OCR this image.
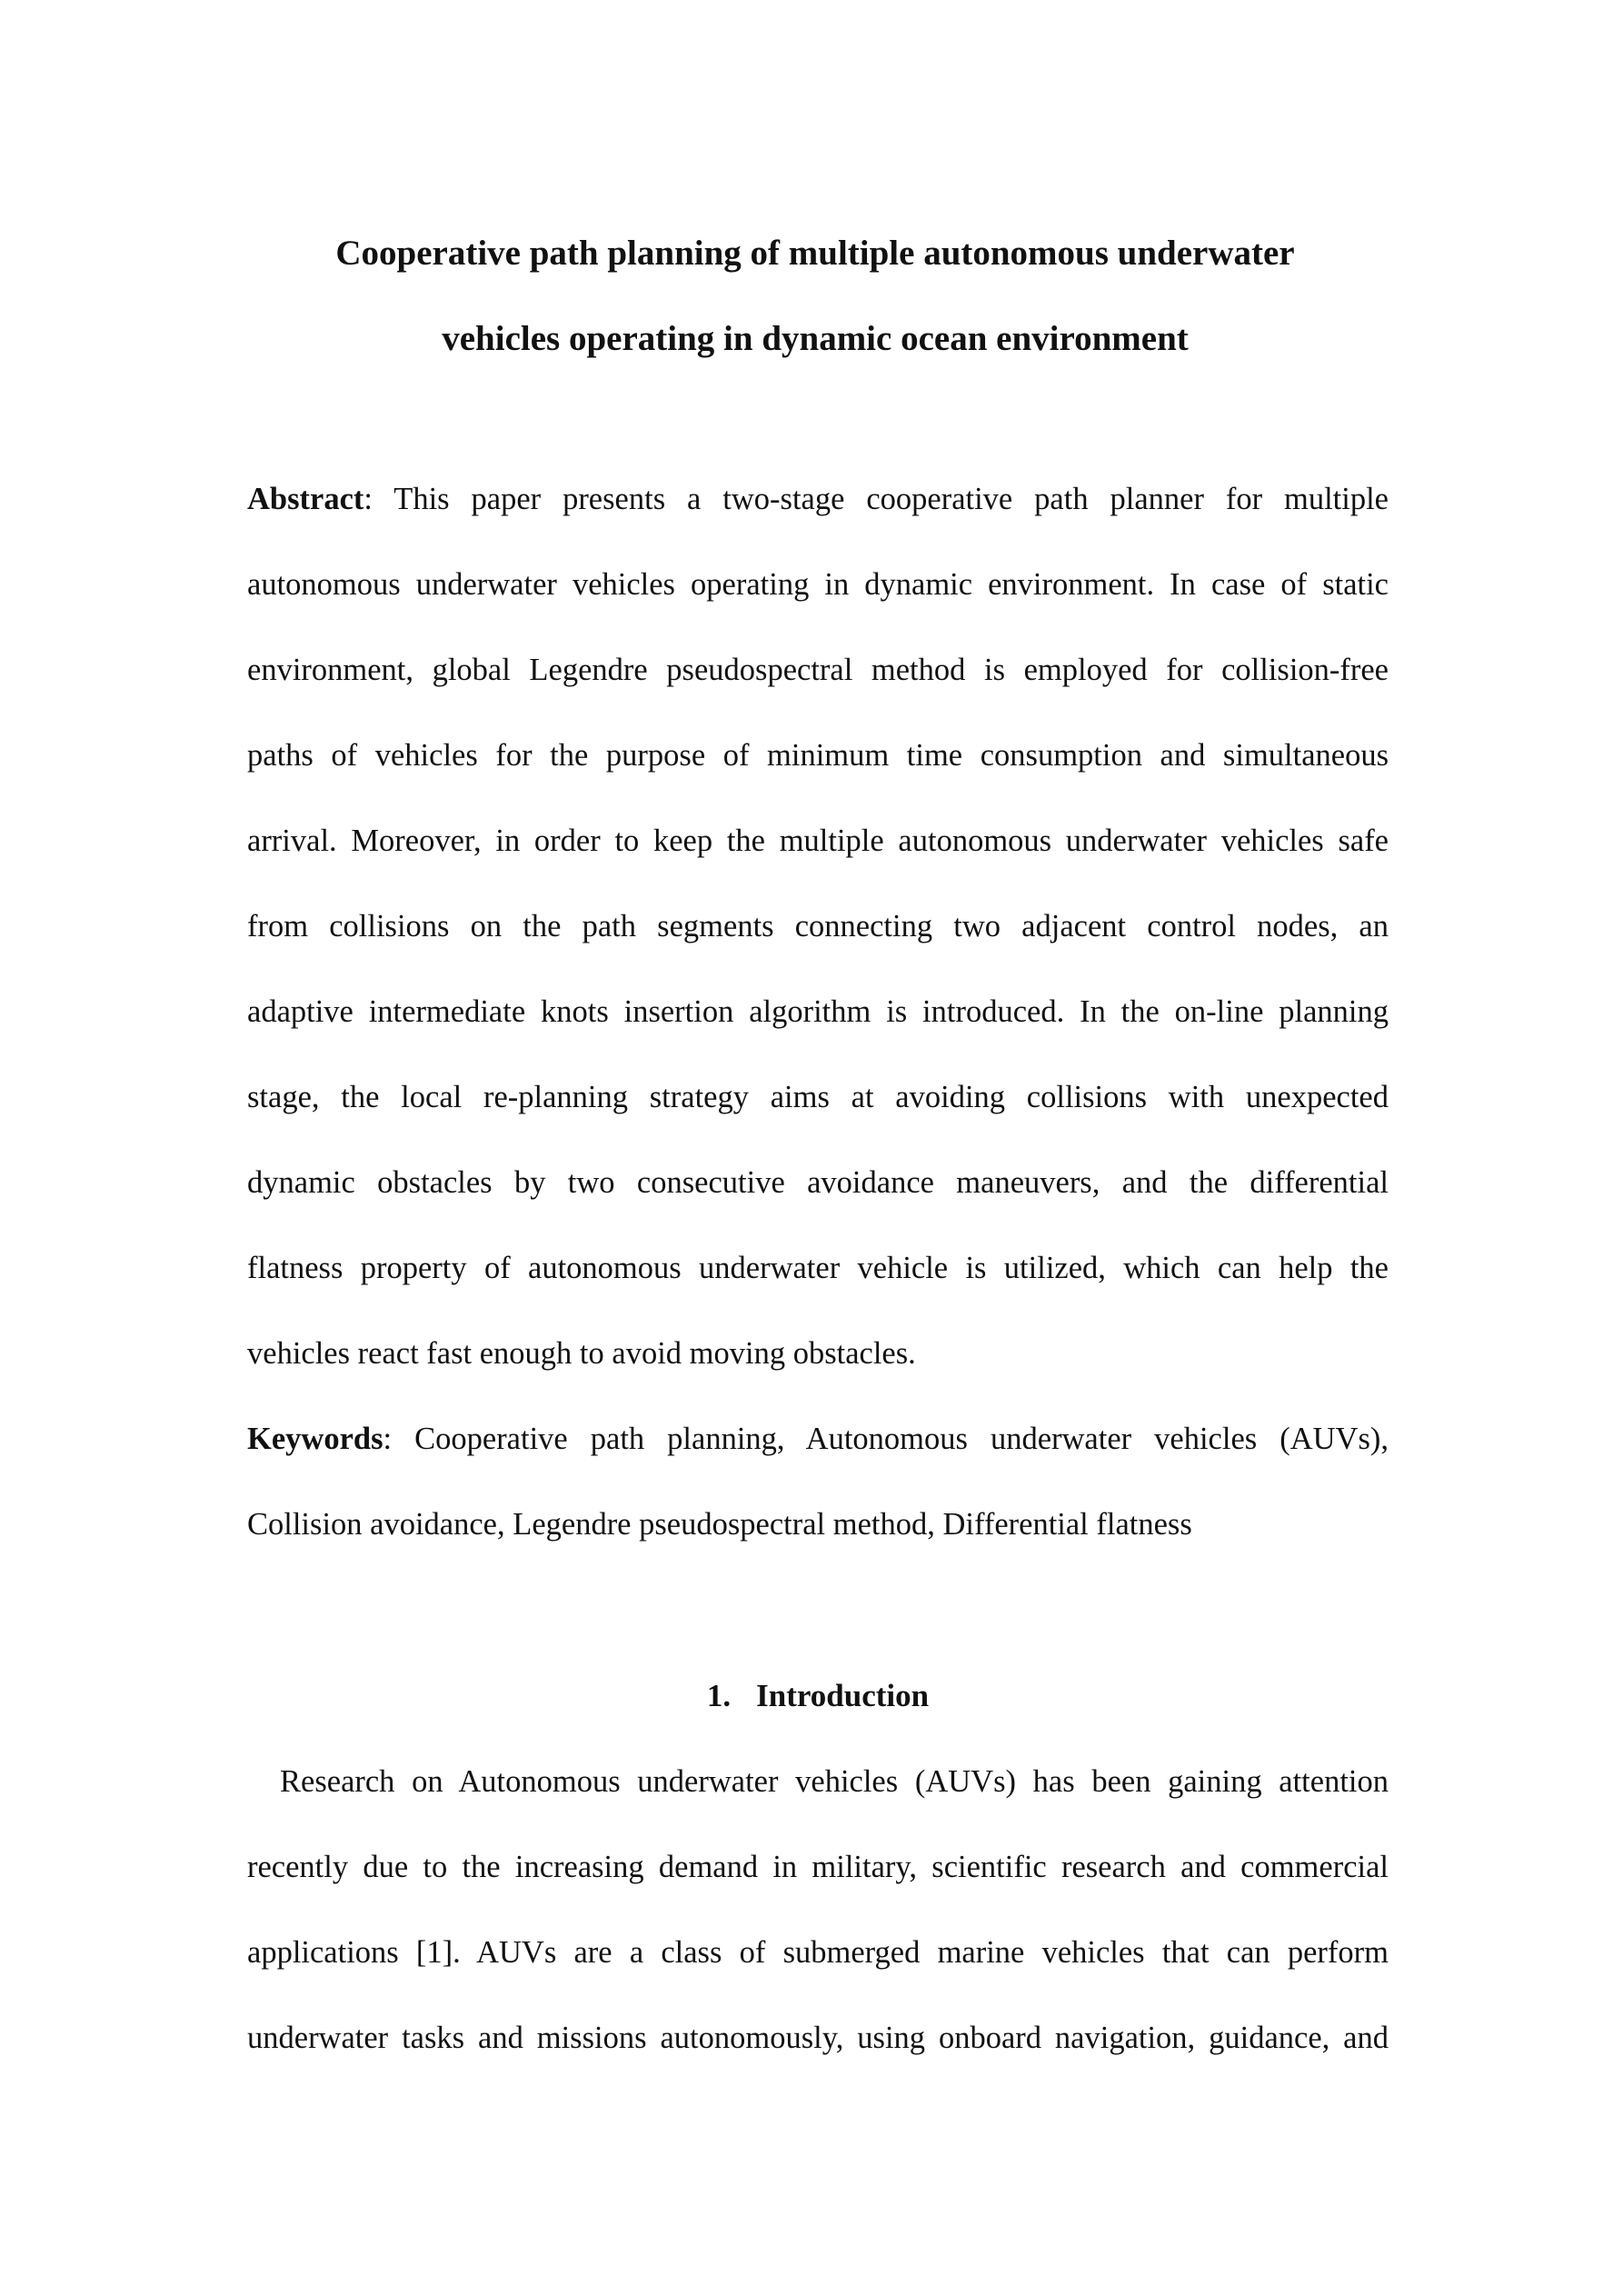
Cooperative path planning of multiple autonomous underwater
vehicles operating in dynamic ocean environment
Abstract: This paper presents a two-stage cooperative path planner for multiple
autonomous underwater vehicles operating in dynamic environment. In case of static
environment, global Legendre pseudospectral method is employed for collision-free
paths of vehicles for the purpose of minimum time consumption and simultaneous
arrival. Moreover, in order to keep the multiple autonomous underwater vehicles safe
from collisions on the path segments connecting two adjacent control nodes, an
adaptive intermediate knots insertion algorithm is introduced. In the on-line planning
stage, the local re-planning strategy aims at avoiding collisions with unexpected
dynamic obstacles by two consecutive avoidance maneuvers, and the differential
flatness property of autonomous underwater vehicle is utilized, which can help the
vehicles react fast enough to avoid moving obstacles.
Keywords: Cooperative path planning, Autonomous underwater vehicles (AUVs),
Collision avoidance, Legendre pseudospectral method, Differential flatness
1. Introduction
Research on Autonomous underwater vehicles (AUVs) has been gaining attention
recently due to the increasing demand in military, scientific research and commercial
applications [1]. AUVs are a class of submerged marine vehicles that can perform
underwater tasks and missions autonomously, using onboard navigation, guidance, and
